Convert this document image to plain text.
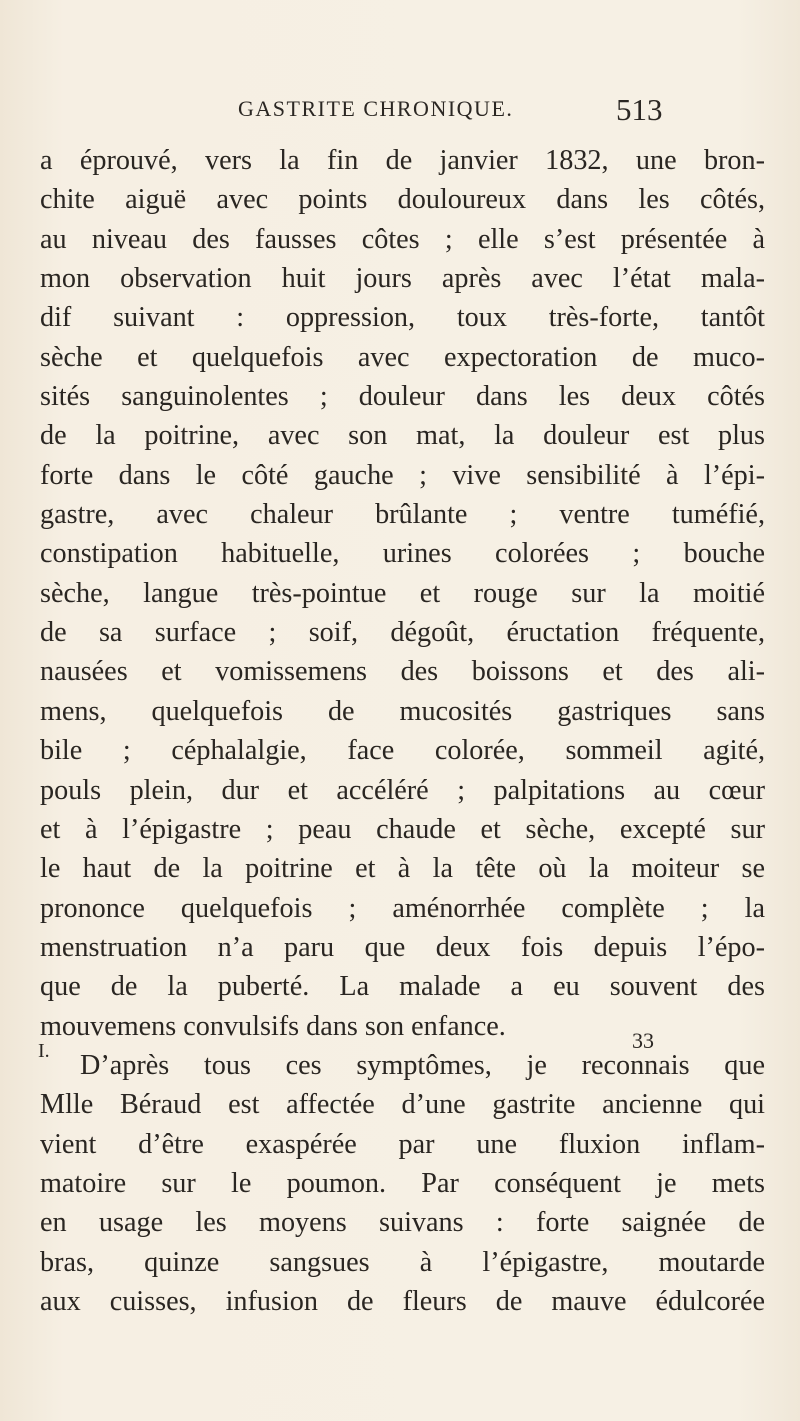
GASTRITE CHRONIQUE.	513
a éprouvé, vers la fin de janvier 1832, une bron-
chite aiguë avec points douloureux dans les côtés,
au niveau des fausses côtes ; elle s’est présentée à
mon observation huit jours après avec l’état mala-
dif suivant : oppression, toux très-forte, tantôt
sèche et quelquefois avec expectoration de muco-
sités sanguinolentes ; douleur dans les deux côtés
de la poitrine, avec son mat, la douleur est plus
forte dans le côté gauche ; vive sensibilité à l’épi-
gastre, avec chaleur brûlante ; ventre tuméfié,
constipation habituelle, urines colorées ; bouche
sèche, langue très-pointue et rouge sur la moitié
de sa surface ; soif, dégoût, éructation fréquente,
nausées et vomissemens des boissons et des ali-
mens, quelquefois de mucosités gastriques sans
bile ; céphalalgie, face colorée, sommeil agité,
pouls plein, dur et accéléré ; palpitations au cœur
et à l’épigastre ; peau chaude et sèche, excepté sur
le haut de la poitrine et à la tête où la moiteur se
prononce quelquefois ; aménorrhée complète ; la
menstruation n’a paru que deux fois depuis l’épo-
que de la puberté. La malade a eu souvent des
mouvemens convulsifs dans son enfance.
D’après tous ces symptômes, je reconnais que
Mlle Béraud est affectée d’une gastrite ancienne qui
vient d’être exaspérée par une fluxion inflam-
matoire sur le poumon. Par conséquent je mets
en usage les moyens suivans : forte saignée de
bras, quinze sangsues à l’épigastre, moutarde
aux cuisses, infusion de fleurs de mauve édulcorée
33
I.
